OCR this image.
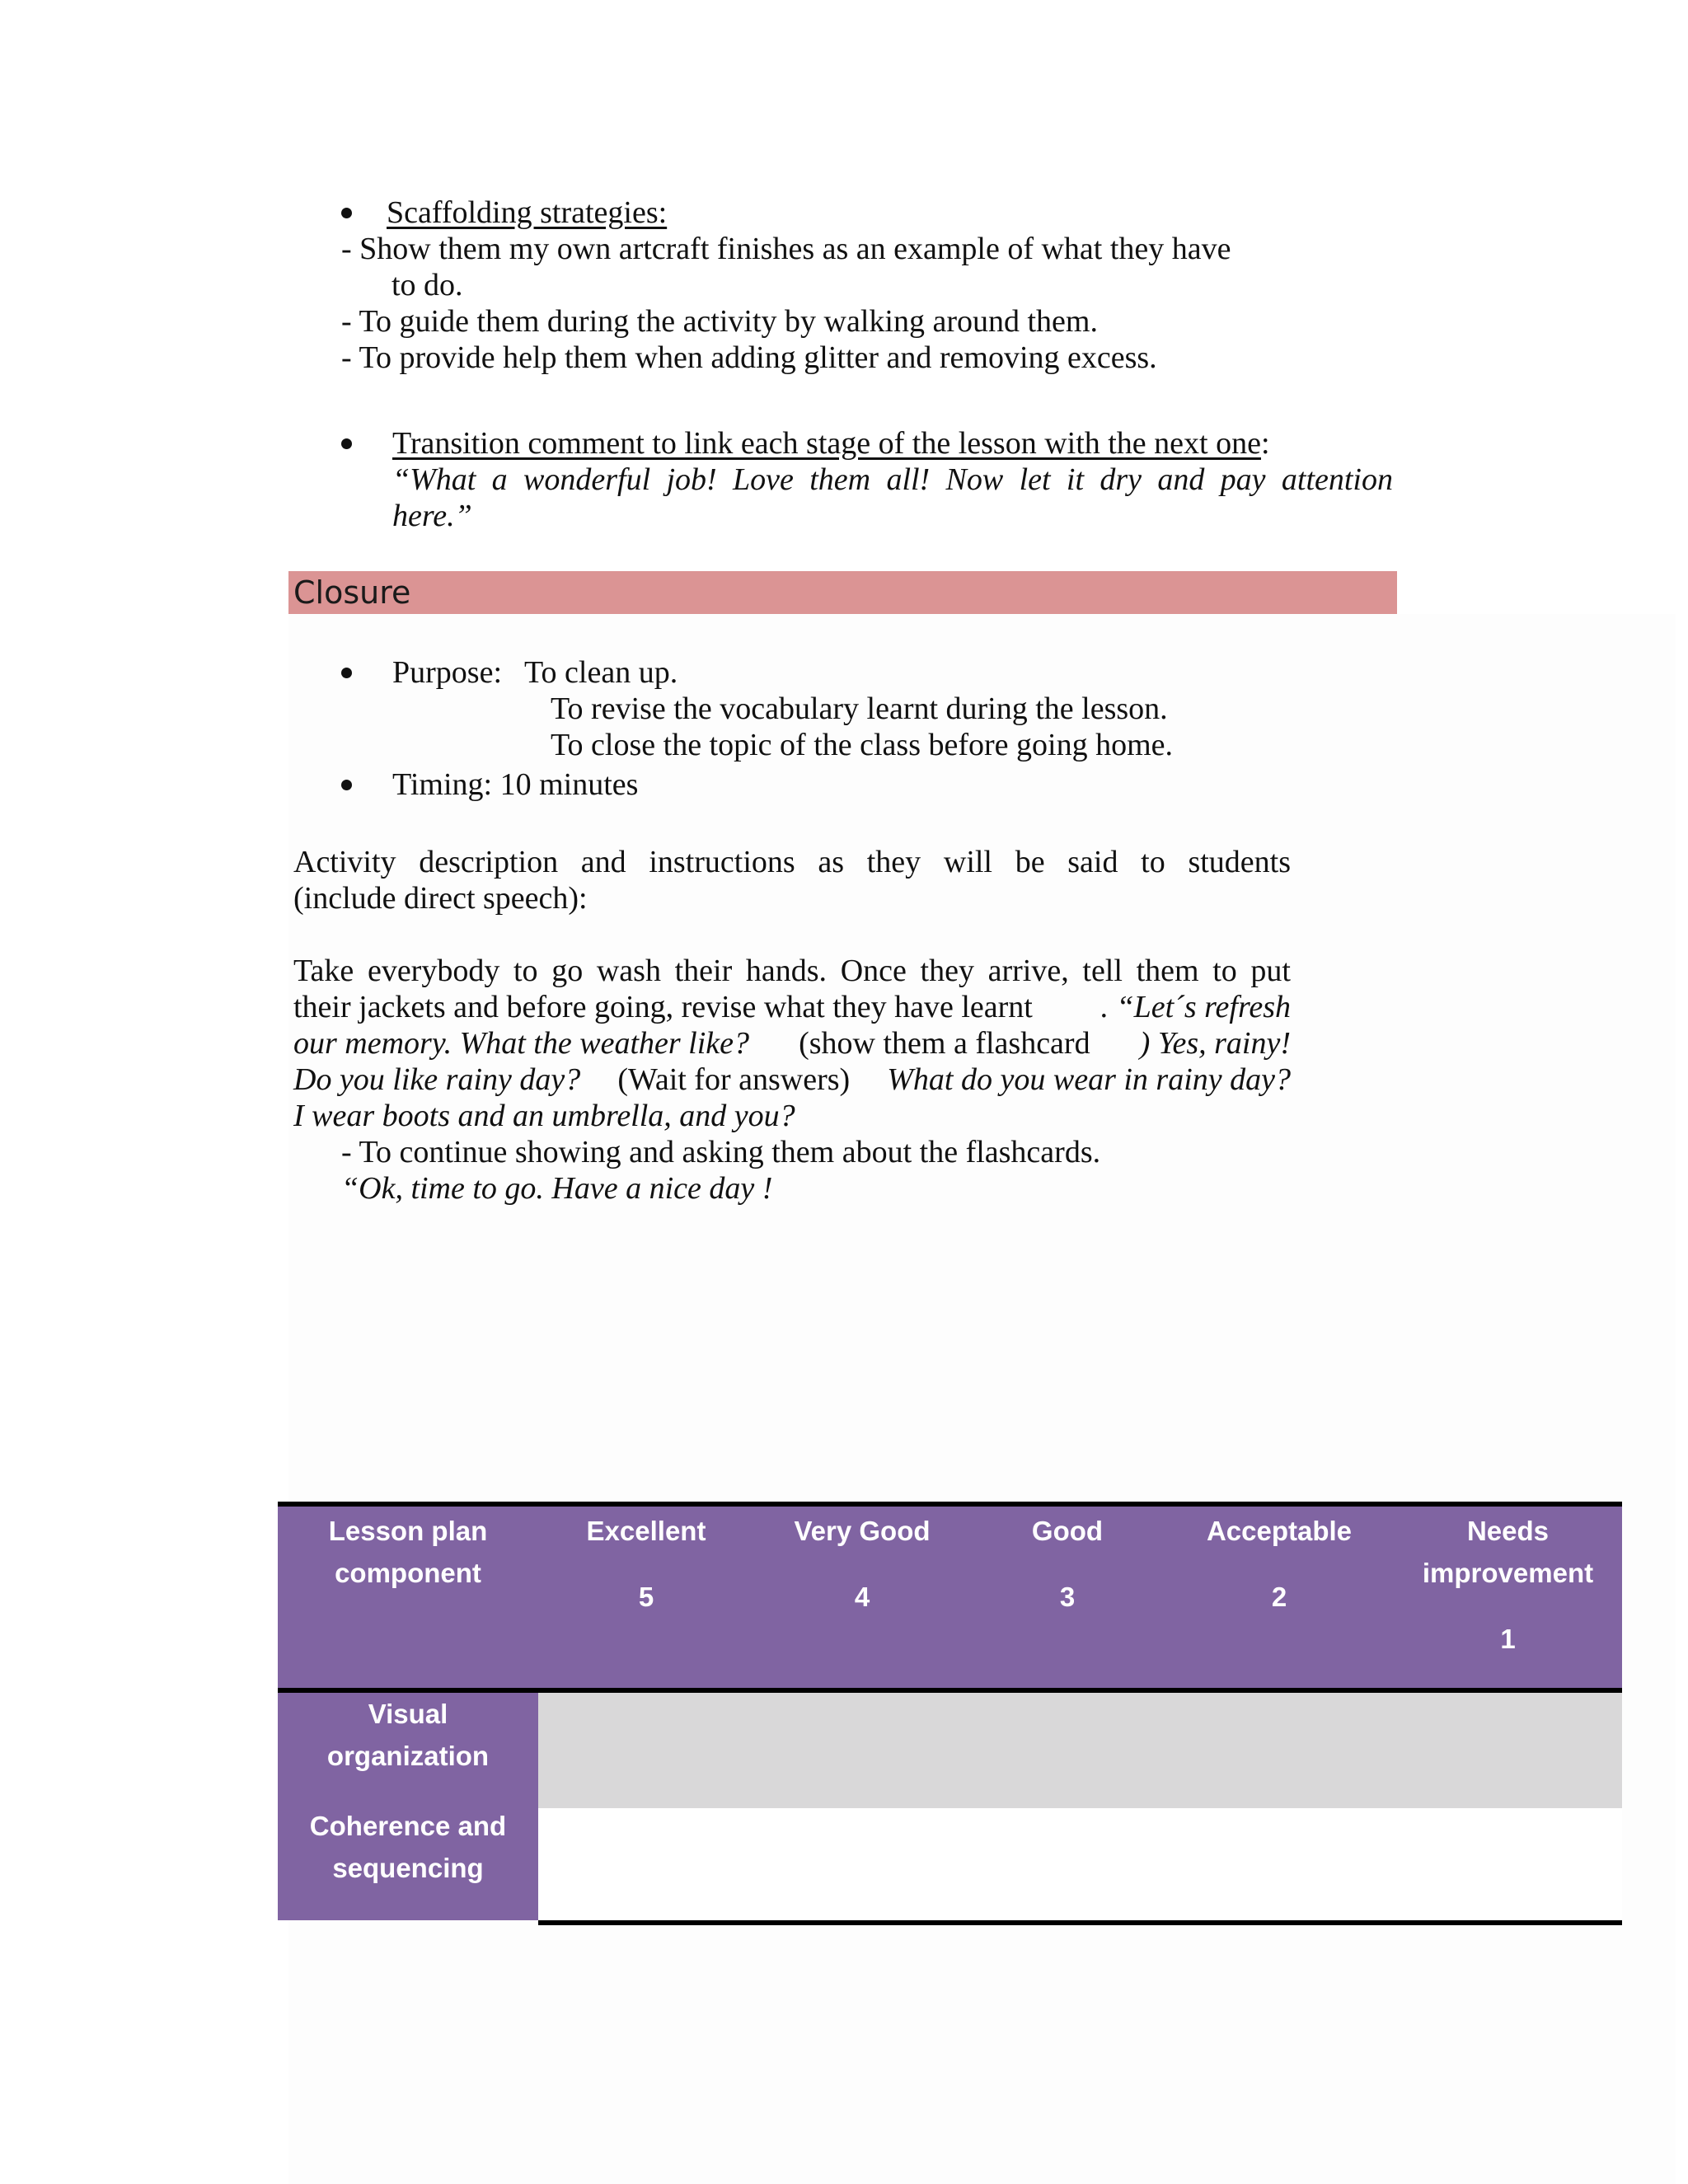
Scaffolding strategies:
- Show them my own artcraft finishes as an example of what they have
to do.
- To guide them during the activity by walking around them.
- To provide help them when adding glitter and removing excess.
Transition comment to link each stage of the lesson with the next one:
“What a wonderful job! Love them all! Now let it dry and pay attention
here.”
Closure
Purpose: To clean up.
To revise the vocabulary learnt during the lesson.
To close the topic of the class before going home.
Timing: 10 minutes
Activity description and instructions as they will be said to students
(include direct speech):
Take everybody to go wash their hands. Once they arrive, tell them to put
their jackets and before going, revise what they have learnt	. “Let´s refresh
our memory. What the weather like? (show them a flashcard ) Yes, rainy!
Do you like rainy day? (Wait for answers) What do you wear in rainy day?
I wear boots and an umbrella, and you?
- To continue showing and asking them about the flashcards.
“Ok, time to go. Have a nice day !
Lesson plan
component
Excellent
5
Very Good
4
Good
3
Acceptable
2
Needs
improvement
1
Visual
organization
Coherence and
sequencing
